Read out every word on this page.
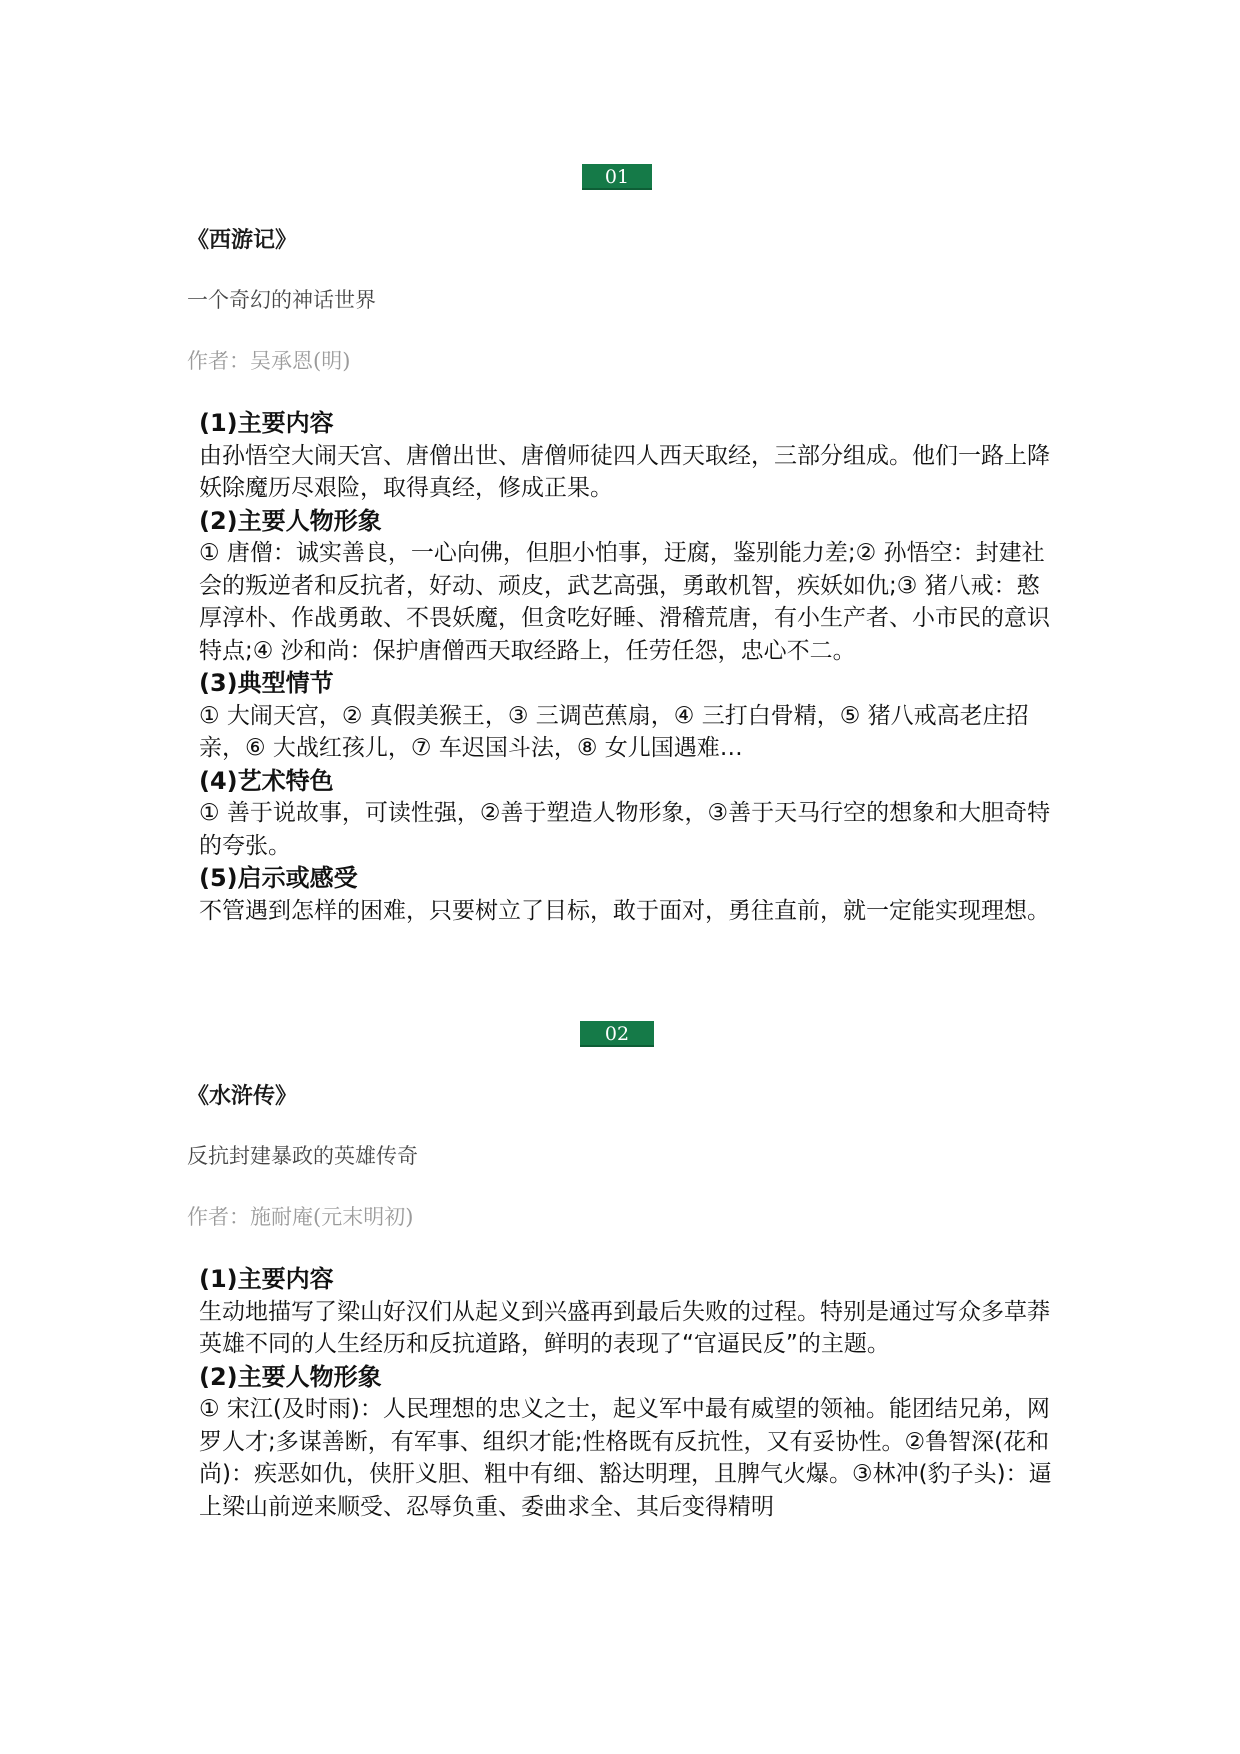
01
《西游记》
一个奇幻的神话世界
作者：吴承恩(明)
(1)主要内容
由孙悟空大闹天宫、唐僧出世、唐僧师徒四人西天取经，三部分组成。他们一路上降妖除魔历尽艰险，取得真经，修成正果。
(2)主要人物形象
① 唐僧：诚实善良，一心向佛，但胆小怕事，迂腐，鉴别能力差;② 孙悟空：封建社会的叛逆者和反抗者，好动、顽皮，武艺高强，勇敢机智，疾妖如仇;③ 猪八戒：憨厚淳朴、作战勇敢、不畏妖魔，但贪吃好睡、滑稽荒唐，有小生产者、小市民的意识特点;④ 沙和尚：保护唐僧西天取经路上，任劳任怨，忠心不二。
(3)典型情节
① 大闹天宫，② 真假美猴王，③ 三调芭蕉扇，④ 三打白骨精，⑤ 猪八戒高老庄招亲，⑥ 大战红孩儿，⑦ 车迟国斗法，⑧ 女儿国遇难…
(4)艺术特色
① 善于说故事，可读性强，②善于塑造人物形象，③善于天马行空的想象和大胆奇特的夸张。
(5)启示或感受
不管遇到怎样的困难，只要树立了目标，敢于面对，勇往直前，就一定能实现理想。
02
《水浒传》
反抗封建暴政的英雄传奇
作者：施耐庵(元末明初)
(1)主要内容
生动地描写了梁山好汉们从起义到兴盛再到最后失败的过程。特别是通过写众多草莽英雄不同的人生经历和反抗道路，鲜明的表现了“官逼民反”的主题。
(2)主要人物形象
① 宋江(及时雨)：人民理想的忠义之士，起义军中最有威望的领袖。能团结兄弟，网罗人才;多谋善断，有军事、组织才能;性格既有反抗性，又有妥协性。②鲁智深(花和尚)：疾恶如仇，侠肝义胆、粗中有细、豁达明理，且脾气火爆。③林冲(豹子头)：逼上梁山前逆来顺受、忍辱负重、委曲求全、其后变得精明
